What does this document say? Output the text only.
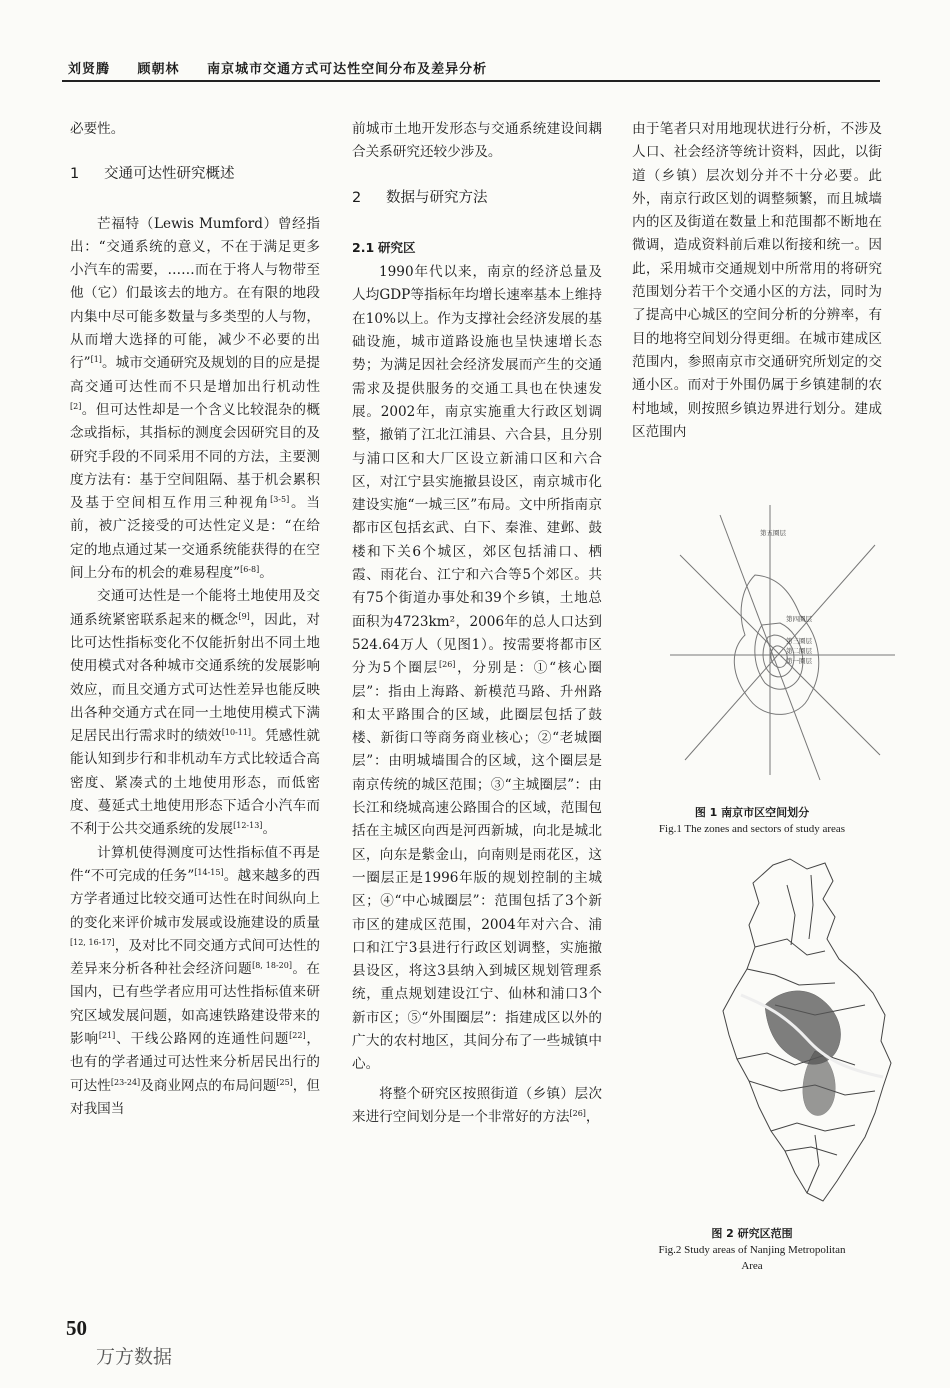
刘贤腾 顾朝林 南京城市交通方式可达性空间分布及差异分析

必要性。

1 交通可达性研究概述

芒福特（Lewis Mumford）曾经指出：“交通系统的意义，不在于满足更多小汽车的需要，……而在于将人与物带至他（它）们最该去的地方。在有限的地段内集中尽可能多数量与多类型的人与物，从而增大选择的可能，减少不必要的出行”[1]。城市交通研究及规划的目的应是提高交通可达性而不只是增加出行机动性[2]。但可达性却是一个含义比较混杂的概念或指标，其指标的测度会因研究目的及研究手段的不同采用不同的方法，主要测度方法有：基于空间阻隔、基于机会累积及基于空间相互作用三种视角[3-5]。当前，被广泛接受的可达性定义是：“在给定的地点通过某一交通系统能获得的在空间上分布的机会的难易程度”[6-8]。

交通可达性是一个能将土地使用及交通系统紧密联系起来的概念[9]，因此，对比可达性指标变化不仅能折射出不同土地使用模式对各种城市交通系统的发展影响效应，而且交通方式可达性差异也能反映出各种交通方式在同一土地使用模式下满足居民出行需求时的绩效[10-11]。凭感性就能认知到步行和非机动车方式比较适合高密度、紧凑式的土地使用形态，而低密度、蔓延式土地使用形态下适合小汽车而不利于公共交通系统的发展[12-13]。

计算机使得测度可达性指标值不再是件“不可完成的任务”[14-15]。越来越多的西方学者通过比较交通可达性在时间纵向上的变化来评价城市发展或设施建设的质量[12, 16-17]，及对比不同交通方式间可达性的差异来分析各种社会经济问题[8, 18-20]。在国内，已有些学者应用可达性指标值来研究区域发展问题，如高速铁路建设带来的影响[21]、干线公路网的连通性问题[22]，也有的学者通过可达性来分析居民出行的可达性[23-24]及商业网点的布局问题[25]，但对我国当

前城市土地开发形态与交通系统建设间耦合关系研究还较少涉及。

2 数据与研究方法

2.1 研究区

1990年代以来，南京的经济总量及人均GDP等指标年均增长速率基本上维持在10%以上。作为支撑社会经济发展的基础设施，城市道路设施也呈快速增长态势；为满足因社会经济发展而产生的交通需求及提供服务的交通工具也在快速发展。2002年，南京实施重大行政区划调整，撤销了江北江浦县、六合县，且分别与浦口区和大厂区设立新浦口区和六合区，对江宁县实施撤县设区，南京城市化建设实施“一城三区”布局。文中所指南京都市区包括玄武、白下、秦淮、建邺、鼓楼和下关6个城区，郊区包括浦口、栖霞、雨花台、江宁和六合等5个郊区。共有75个街道办事处和39个乡镇，土地总面积为4723km²，2006年的总人口达到524.64万人（见图1）。按需要将都市区分为5个圈层[26]，分别是：①“核心圈层”：指由上海路、新模范马路、升州路和太平路围合的区域，此圈层包括了鼓楼、新街口等商务商业核心；②“老城圈层”：由明城墙围合的区域，这个圈层是南京传统的城区范围；③“主城圈层”：由长江和绕城高速公路围合的区域，范围包括在主城区向西是河西新城，向北是城北区，向东是紫金山，向南则是雨花区，这一圈层正是1996年版的规划控制的主城区；④“中心城圈层”：范围包括了3个新市区的建成区范围，2004年对六合、浦口和江宁3县进行行政区划调整，实施撤县设区，将这3县纳入到城区规划管理系统，重点规划建设江宁、仙林和浦口3个新市区；⑤“外围圈层”：指建成区以外的广大的农村地区，其间分布了一些城镇中心。

将整个研究区按照街道（乡镇）层次来进行空间划分是一个非常好的方法[26]，

由于笔者只对用地现状进行分析，不涉及人口、社会经济等统计资料，因此，以街道（乡镇）层次划分并不十分必要。此外，南京行政区划的调整频繁，而且城墙内的区及街道在数量上和范围都不断地在微调，造成资料前后难以衔接和统一。因此，采用城市交通规划中所常用的将研究范围划分若干个交通小区的方法，同时为了提高中心城区的空间分析的分辨率，有目的地将空间划分得更细。在城市建成区范围内，参照南京市交通研究所划定的交通小区。而对于外围仍属于乡镇建制的农村地域，则按照乡镇边界进行划分。建成区范围内

第五圈层
第四圈层
第三圈层
第二圈层
第一圈层
图 1 南京市区空间划分
Fig.1 The zones and sectors of study areas
图 2 研究区范围
Fig.2 Study areas of Nanjing Metropolitan
Area
50
万方数据
